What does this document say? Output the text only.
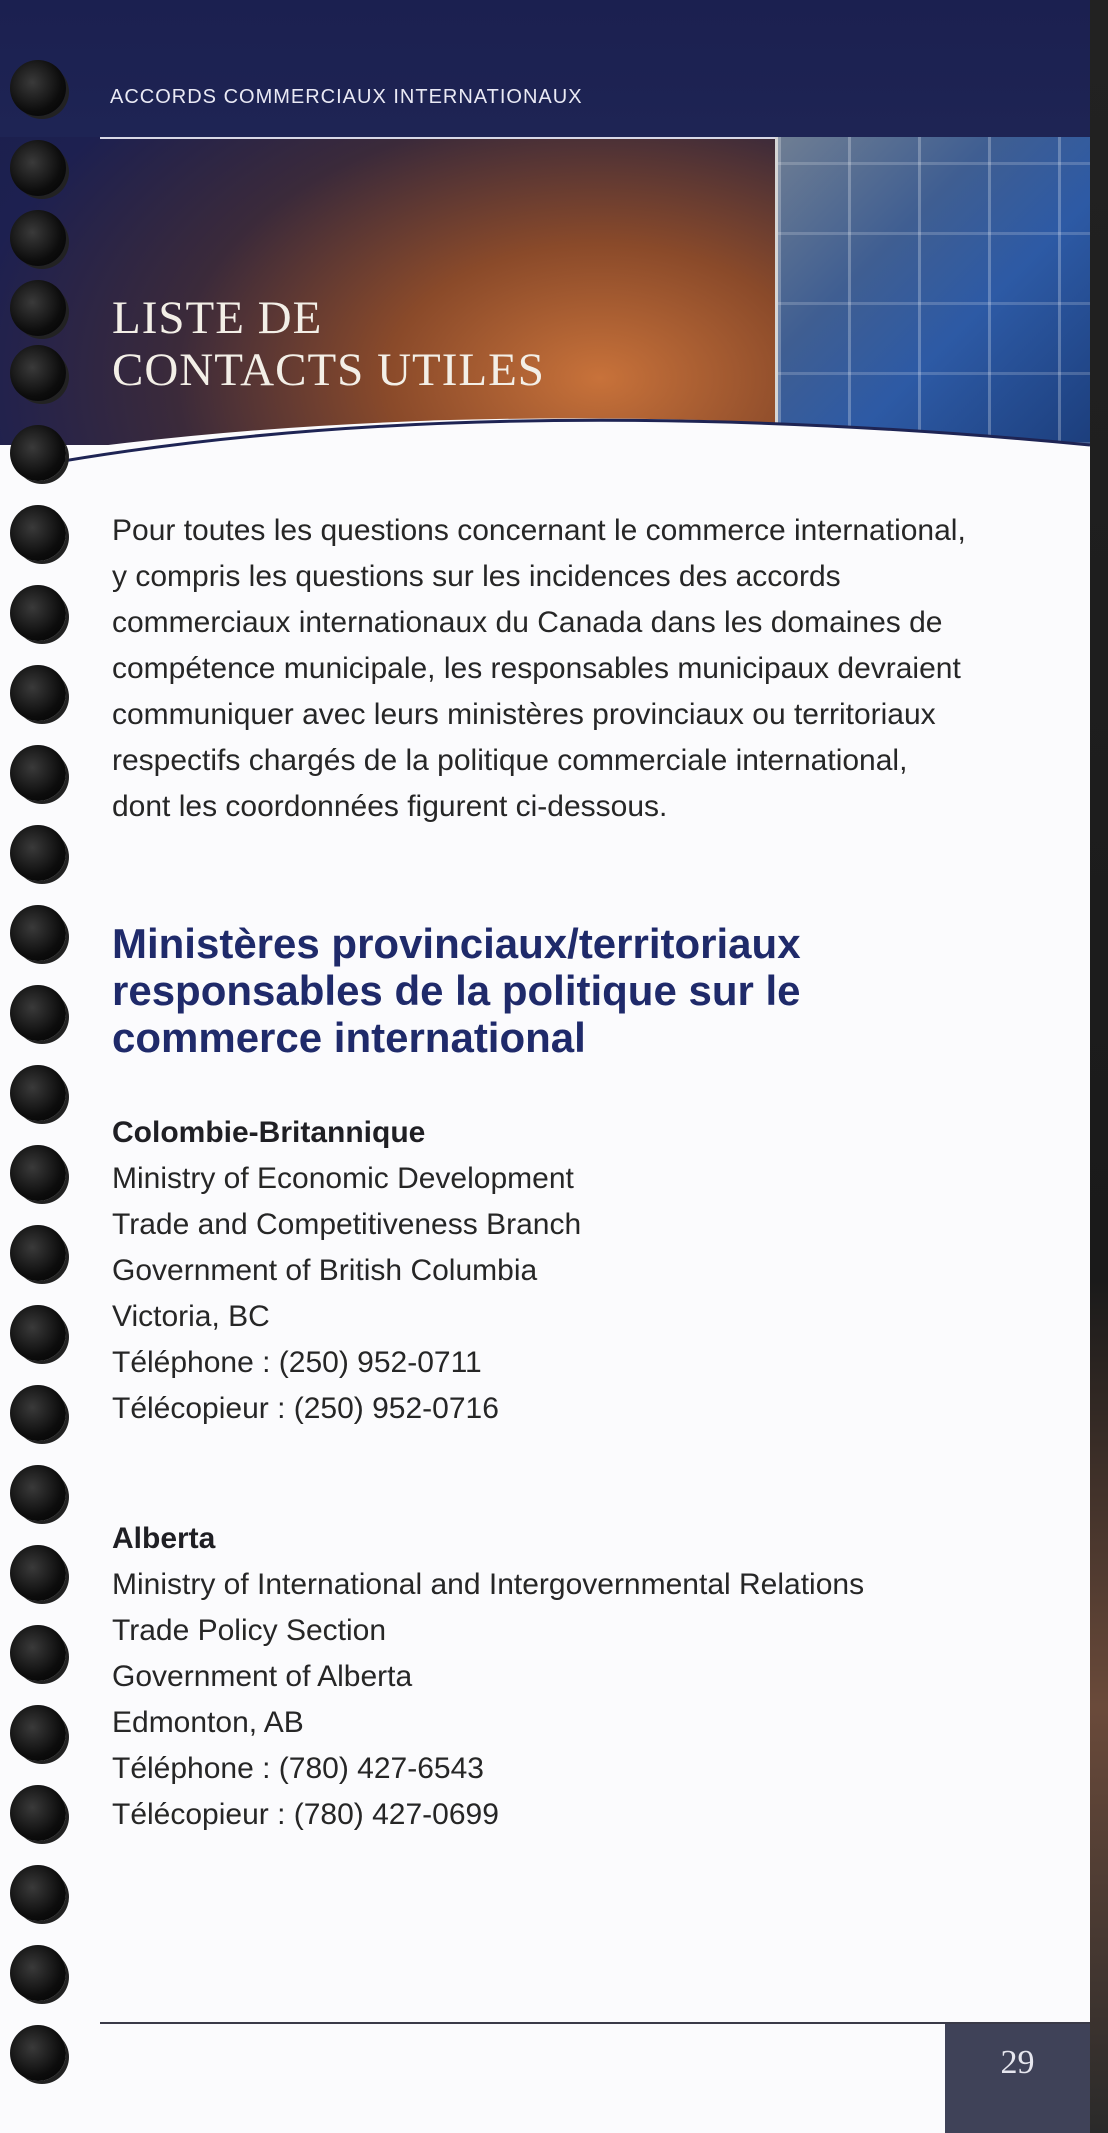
ACCORDS COMMERCIAUX INTERNATIONAUX

LISTE DE
CONTACTS UTILES

Pour toutes les questions concernant le commerce international,
y compris les questions sur les incidences des accords
commerciaux internationaux du Canada dans les domaines de
compétence municipale, les responsables municipaux devraient
communiquer avec leurs ministères provinciaux ou territoriaux
respectifs chargés de la politique commerciale international,
dont les coordonnées figurent ci-dessous.

Ministères provinciaux/territoriaux
responsables de la politique sur le
commerce international

Colombie-Britannique

Ministry of Economic Development
Trade and Competitiveness Branch
Government of British Columbia
Victoria, BC
Téléphone : (250) 952-0711
Télécopieur : (250) 952-0716

Alberta

Ministry of International and Intergovernmental Relations
Trade Policy Section
Government of Alberta
Edmonton, AB
Téléphone : (780) 427-6543
Télécopieur : (780) 427-0699
29
